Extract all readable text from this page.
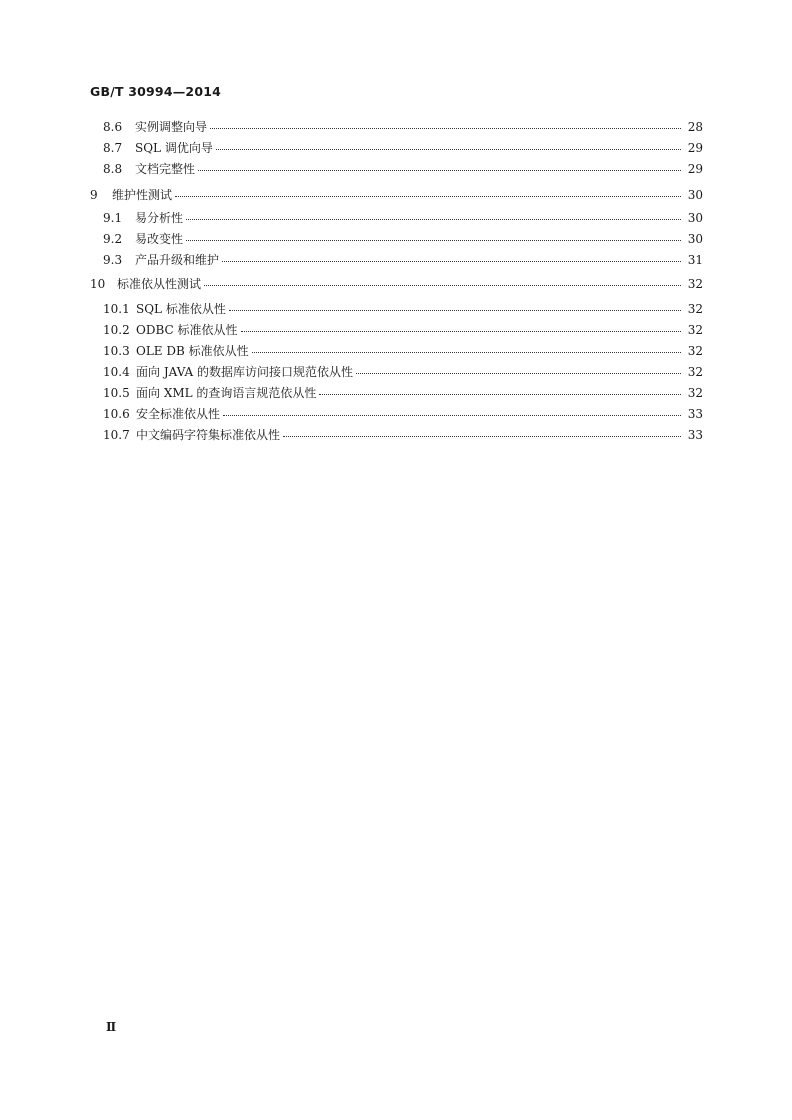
GB/T 30994—2014
8.6	实例调整向导	28
8.7	SQL 调优向导	29
8.8	文档完整性	29
9	维护性测试	30
9.1	易分析性	30
9.2	易改变性	30
9.3	产品升级和维护	31
10 标准依从性测试	32
10.1 SQL 标准依从性	32
10.2 ODBC 标准依从性	32
10.3 OLE DB 标准依从性	32
10.4 面向 JAVA 的数据库访问接口规范依从性	32
10.5 面向 XML 的查询语言规范依从性	32
10.6 安全标准依从性	33
10.7 中文编码字符集标准依从性	33
Ⅱ
